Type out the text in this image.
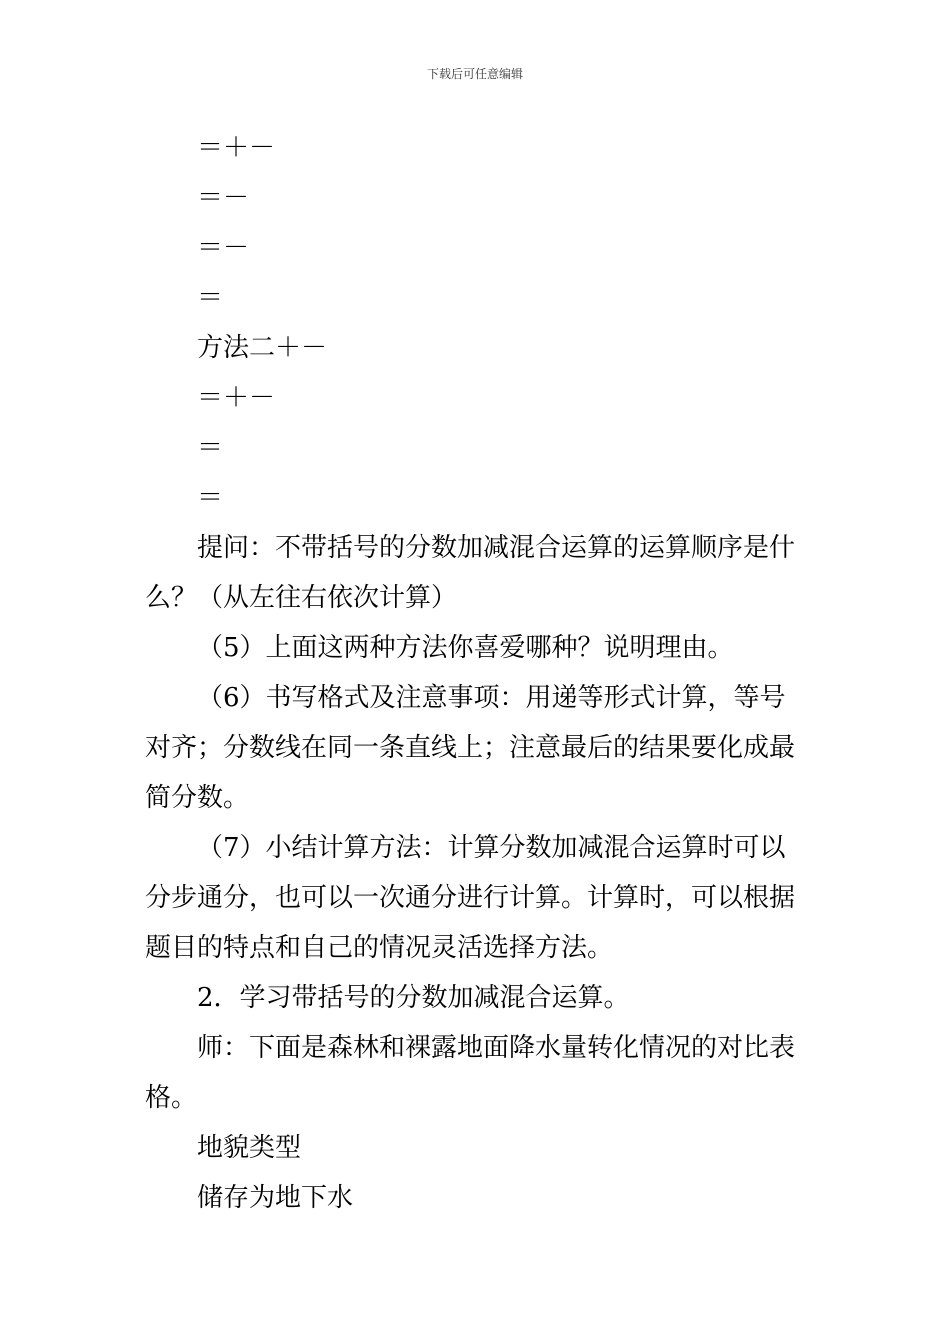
下载后可任意编辑

＝＋－

＝－

＝－

＝

方法二＋－

＝＋－

＝

＝

提问：不带括号的分数加减混合运算的运算顺序是什么？（从左往右依次计算）

（5）上面这两种方法你喜爱哪种？说明理由。

（6）书写格式及注意事项：用递等形式计算，等号对齐；分数线在同一条直线上；注意最后的结果要化成最简分数。

（7）小结计算方法：计算分数加减混合运算时可以分步通分，也可以一次通分进行计算。计算时，可以根据题目的特点和自己的情况灵活选择方法。

2．学习带括号的分数加减混合运算。

师：下面是森林和裸露地面降水量转化情况的对比表格。

地貌类型

储存为地下水
